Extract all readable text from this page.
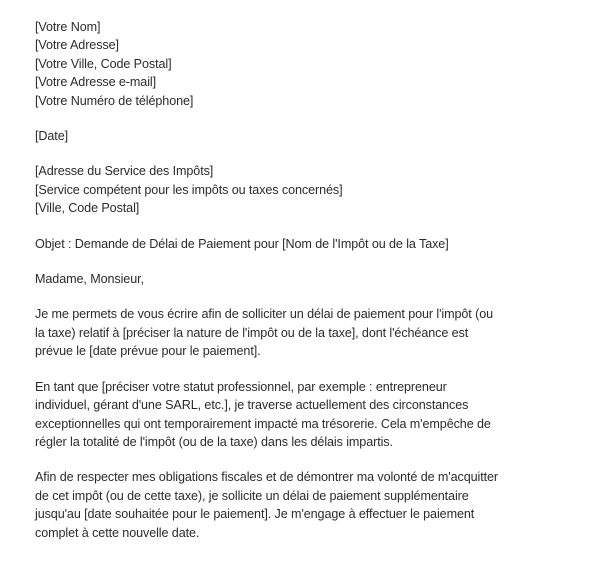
[Votre Nom]
[Votre Adresse]
[Votre Ville, Code Postal]
[Votre Adresse e-mail]
[Votre Numéro de téléphone]
[Date]
[Adresse du Service des Impôts]
[Service compétent pour les impôts ou taxes concernés]
[Ville, Code Postal]
Objet : Demande de Délai de Paiement pour [Nom de l'Impôt ou de la Taxe]
Madame, Monsieur,
Je me permets de vous écrire afin de solliciter un délai de paiement pour l'impôt (ou
la taxe) relatif à [préciser la nature de l'impôt ou de la taxe], dont l'échéance est
prévue le [date prévue pour le paiement].
En tant que [préciser votre statut professionnel, par exemple : entrepreneur
individuel, gérant d'une SARL, etc.], je traverse actuellement des circonstances
exceptionnelles qui ont temporairement impacté ma trésorerie. Cela m'empêche de
régler la totalité de l'impôt (ou de la taxe) dans les délais impartis.
Afin de respecter mes obligations fiscales et de démontrer ma volonté de m'acquitter
de cet impôt (ou de cette taxe), je sollicite un délai de paiement supplémentaire
jusqu'au [date souhaitée pour le paiement]. Je m'engage à effectuer le paiement
complet à cette nouvelle date.
